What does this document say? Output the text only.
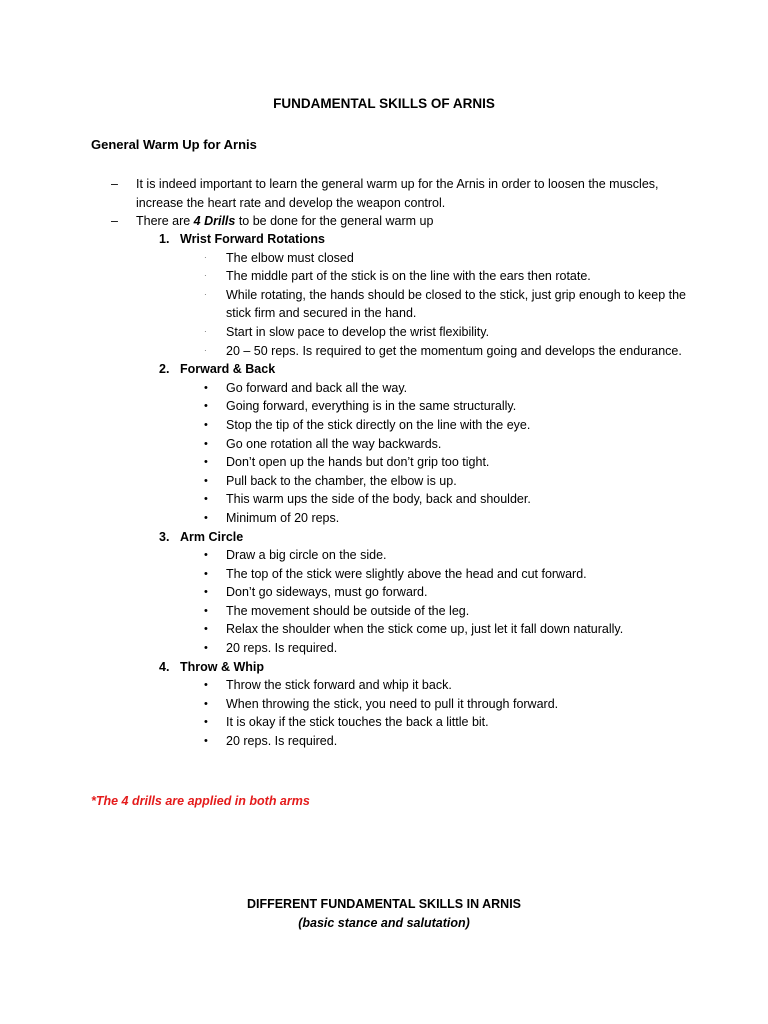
FUNDAMENTAL SKILLS OF ARNIS
General Warm Up for Arnis
– It is indeed important to learn the general warm up for the Arnis in order to loosen the muscles, increase the heart rate and develop the weapon control.
– There are 4 Drills to be done for the general warm up
1. Wrist Forward Rotations
· The elbow must closed
· The middle part of the stick is on the line with the ears then rotate.
· While rotating, the hands should be closed to the stick, just grip enough to keep the stick firm and secured in the hand.
· Start in slow pace to develop the wrist flexibility.
· 20 – 50 reps. Is required to get the momentum going and develops the endurance.
2. Forward & Back
• Go forward and back all the way.
• Going forward, everything is in the same structurally.
• Stop the tip of the stick directly on the line with the eye.
• Go one rotation all the way backwards.
• Don’t open up the hands but don’t grip too tight.
• Pull back to the chamber, the elbow is up.
• This warm ups the side of the body, back and shoulder.
• Minimum of 20 reps.
3. Arm Circle
• Draw a big circle on the side.
• The top of the stick were slightly above the head and cut forward.
• Don’t go sideways, must go forward.
• The movement should be outside of the leg.
• Relax the shoulder when the stick come up, just let it fall down naturally.
• 20 reps. Is required.
4. Throw & Whip
• Throw the stick forward and whip it back.
• When throwing the stick, you need to pull it through forward.
• It is okay if the stick touches the back a little bit.
• 20 reps. Is required.
*The 4 drills are applied in both arms
DIFFERENT FUNDAMENTAL SKILLS IN ARNIS
(basic stance and salutation)
